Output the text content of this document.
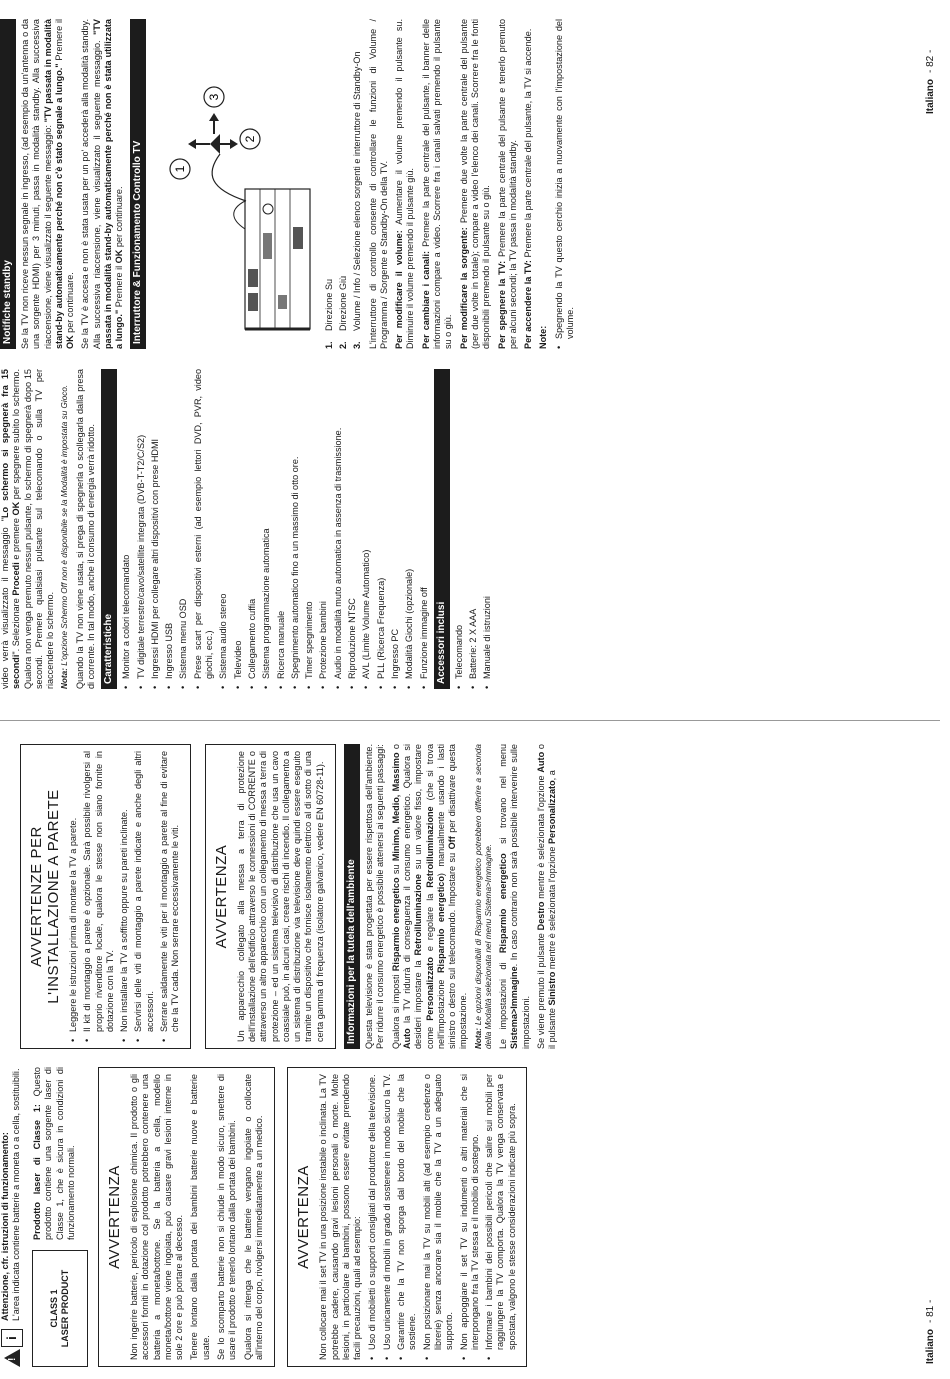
!
i
Attenzione, cfr. istruzioni di funzionamento: L'area indicata contiene batterie a moneta o a cella, sostituibili.	CLASS 1 LASER PRODUCT
Prodotto laser di Classe 1: Questo prodotto contiene una sorgente laser di Classe 1, che è sicura in condizioni di funzionamento normali.	AVVERTENZA Non ingerire batterie, pericolo di esplosione chimica. Il prodotto o gli accessori forniti in dotazione col prodotto potrebbero contenere una batteria a moneta/bottone. Se la batteria a cella, modello moneta/bottone viene ingoiata, può causare gravi lesioni interne in sole 2 ore e può portare al decesso. Tenere lontano dalla portata dei bambini batterie nuove e batterie usate. Se lo scomparto batterie non si chiude in modo sicuro, smettere di usare il prodotto e tenerlo lontano dalla portata dei bambini. Qualora si ritenga che le batterie vengano ingoiate o collocate all'interno del corpo, rivolgersi immediatamente a un medico. AVVERTENZA Non collocare mai il set TV in una posizione instabile o inclinata. La TV potrebbe cadere, causando gravi lesioni personali o morte. Molte lesioni, in particolare ai bambini, possono essere evitate prendendo facili precauzioni, quali ad esempio: • Uso di mobiletti o supporti consigliati dal produttore della televisione. • Uso unicamente di mobili in grado di sostenere in modo sicuro la TV. • Garantire che la TV non sporga dal bordo del mobile che la sostiene. • Non posizionare mai la TV su mobili alti (ad esempio credenze o librerie) senza ancorare sia il mobile che la TV a un adeguato supporto. • Non appoggiare il set TV su indumenti o altri materiali che si interpongano fra la TV stessa e il mobilio di sostegno. • Informare i bambini dei possibili pericoli che salire sui mobili per raggiungere la TV comporta. Qualora la TV venga conservata e spostata, valgono le stesse considerazioni indicate più sopra.
AVVERTENZE PER
L'INSTALLAZIONE A PARETE • Leggere le istruzioni prima di montare la TV a parete. • Il kit di montaggio a parete è opzionale. Sarà possibile rivolgersi al proprio rivenditore locale, qualora le stesse non siano fornite in dotazione con la TV. • Non installare la TV a soffitto oppure su pareti inclinate. • Servirsi delle viti di montaggio a parete indicate e anche degli altri accessori. • Serrare saldamente le viti per il montaggio a parete al fine di evitare che la TV cada. Non serrare eccessivamente le viti. AVVERTENZA Un apparecchio collegato alla messa a terra di protezione dell'installazione dell'edificio attraverso le connessioni di CORRENTE o attraverso un altro apparecchio con un collegamento di messa a terra di protezione – ed un sistema televisivo di distribuzione che usa un cavo coassiale può, in alcuni casi, creare rischi di incendio. Il collegamento a un sistema di distribuzione via televisione deve quindi essere eseguito tramite un dispositivo che fornisce isolamento elettrico al di sotto di una certa gamma di frequenza (isolatore galvanico, vedere EN 60728-11). Informazioni per la tutela dell'ambiente Questa televisione è stata progettata per essere rispettosa dell'ambiente. Per ridurre il consumo energetico è possibile attenersi ai seguenti passaggi: Qualora si imposti Risparmio energetico su Minimo, Medio, Massimo o Auto la TV ridurrà di conseguenza il consumo energetico. Qualora si desideri impostare la Retroilluminazione su un valore fisso, impostare come Personalizzato e regolare la Retroilluminazione (che si trova nell'impostazione Risparmio energetico) manualmente usando i lasti sinistro o destro sul telecomando. Impostare su Off per disattivare questa impostazione. Nota: Le opzioni disponibili di Risparmio energetico potrebbero differire a seconda della Modalità selezionata nel menu Sistema>Immagine. Le impostazioni di Risparmio energetico si trovano nel menu Sistema>Immagine. In caso contrario non sarà possibile intervenire sulle impostazioni. Se viene premuto il pulsante Destro mentre è selezionata l'opzione Auto o il pulsante Sinistro mentre è selezionata l'opzione Personalizzato, a

Italiano- 81 -

video verrà visualizzato il messaggio "Lo schermo si spegnerà fra 15 secondi". Selezionare Procedi e premere OK per spegnere subito lo schermo. Qualora non venga premuto nessun pulsante, lo schermo di spegnerà dopo 15 secondi. Premere qualsiasi pulsante sul telecomando o sulla TV per riaccendere lo schermo. Nota: L'opzione Schermo Off non è disponibile se la Modalità è impostata su Gioco. Quando la TV non viene usata, si prega di spegnerla o scollegarla dalla presa di corrente. In tal modo, anche il consumo di energia verrà ridotto. Caratteristiche • Monitor a colori telecomandato • TV digitale terrestre/cavo/satellite integrata (DVB-T-T2/C/S2) • Ingressi HDMI per collegare altri dispositivi con prese HDMI • Ingresso USB • Sistema menu OSD • Prese scart per dispositivi esterni (ad esempio lettori DVD, PVR, video giochi, ecc.) • Sistema audio stereo • Televideo • Collegamento cuffia • Sistema programmazione automatica • Ricerca manuale • Spegnimento automatico fino a un massimo di otto ore. • Timer spegnimento • Protezione bambini • Audio in modalità muto automatica in assenza di trasmissione. • Riproduzione NTSC • AVL (Limite Volume Automatico) • PLL (Ricerca Frequenza) • Ingresso PC • Modalità Giochi (opzionale) • Funzione immagine off Accessori inclusi • Telecomando • Batterie: 2 X AAA • Manuale di istruzioni
Notifiche standby Se la TV non riceve nessun segnale in ingresso, (ad esempio da un'antenna o da una sorgente HDMI) per 3 minuti, passa in modalità standby. Alla successiva riaccensione, viene visualizzato il seguente messaggio: "TV passata in modalità stand-by automaticamente perché non c'è stato segnale a lungo." Premere il OK per continuare. Se la TV è accesa e non è stata usata per un po' accederà alla modalità standby. Alla successiva riaccensione, viene visualizzato il seguente messaggio. "TV passata in modalità stand-by automaticamente perché non è stata utilizzata a lungo." Premere il OK per continuare. Interruttore & Funzionamento Controllo TV	1
2
3
1.
Direzione Su
2.
Direzione Giù
3.
Volume / Info / Selezione elenco sorgenti e interruttore di Standby-On L'interruttore di controllo consente di controllare le funzioni di Volume / Programma / Sorgente e Standby-On della TV. Per modificare il volume: Aumentare il volume premendo il pulsante su. Diminuire il volume premendo il pulsante giù. Per cambiare i canali: Premere la parte centrale del pulsante, il banner delle informazioni compare a video. Scorrere fra i canali salvati premendo il pulsante su o giù. Per modificare la sorgente: Premere due volte la parte centrale del pulsante (per due volte in totale); compare a video l'elenco dei canali. Scorrere fra le fonti disponibili premendo il pulsante su o giù. Per spegnere la TV: Premere la parte centrale del pulsante e tenerlo premuto per alcuni secondi; la TV passa in modalità standby. Per accendere la TV: Premere la parte centrale del pulsante, la TV si accende.

Note: • Spegnendo la TV questo cerchio inizia a nuovamente con l'impostazione del volume.
Italiano- 82 -
